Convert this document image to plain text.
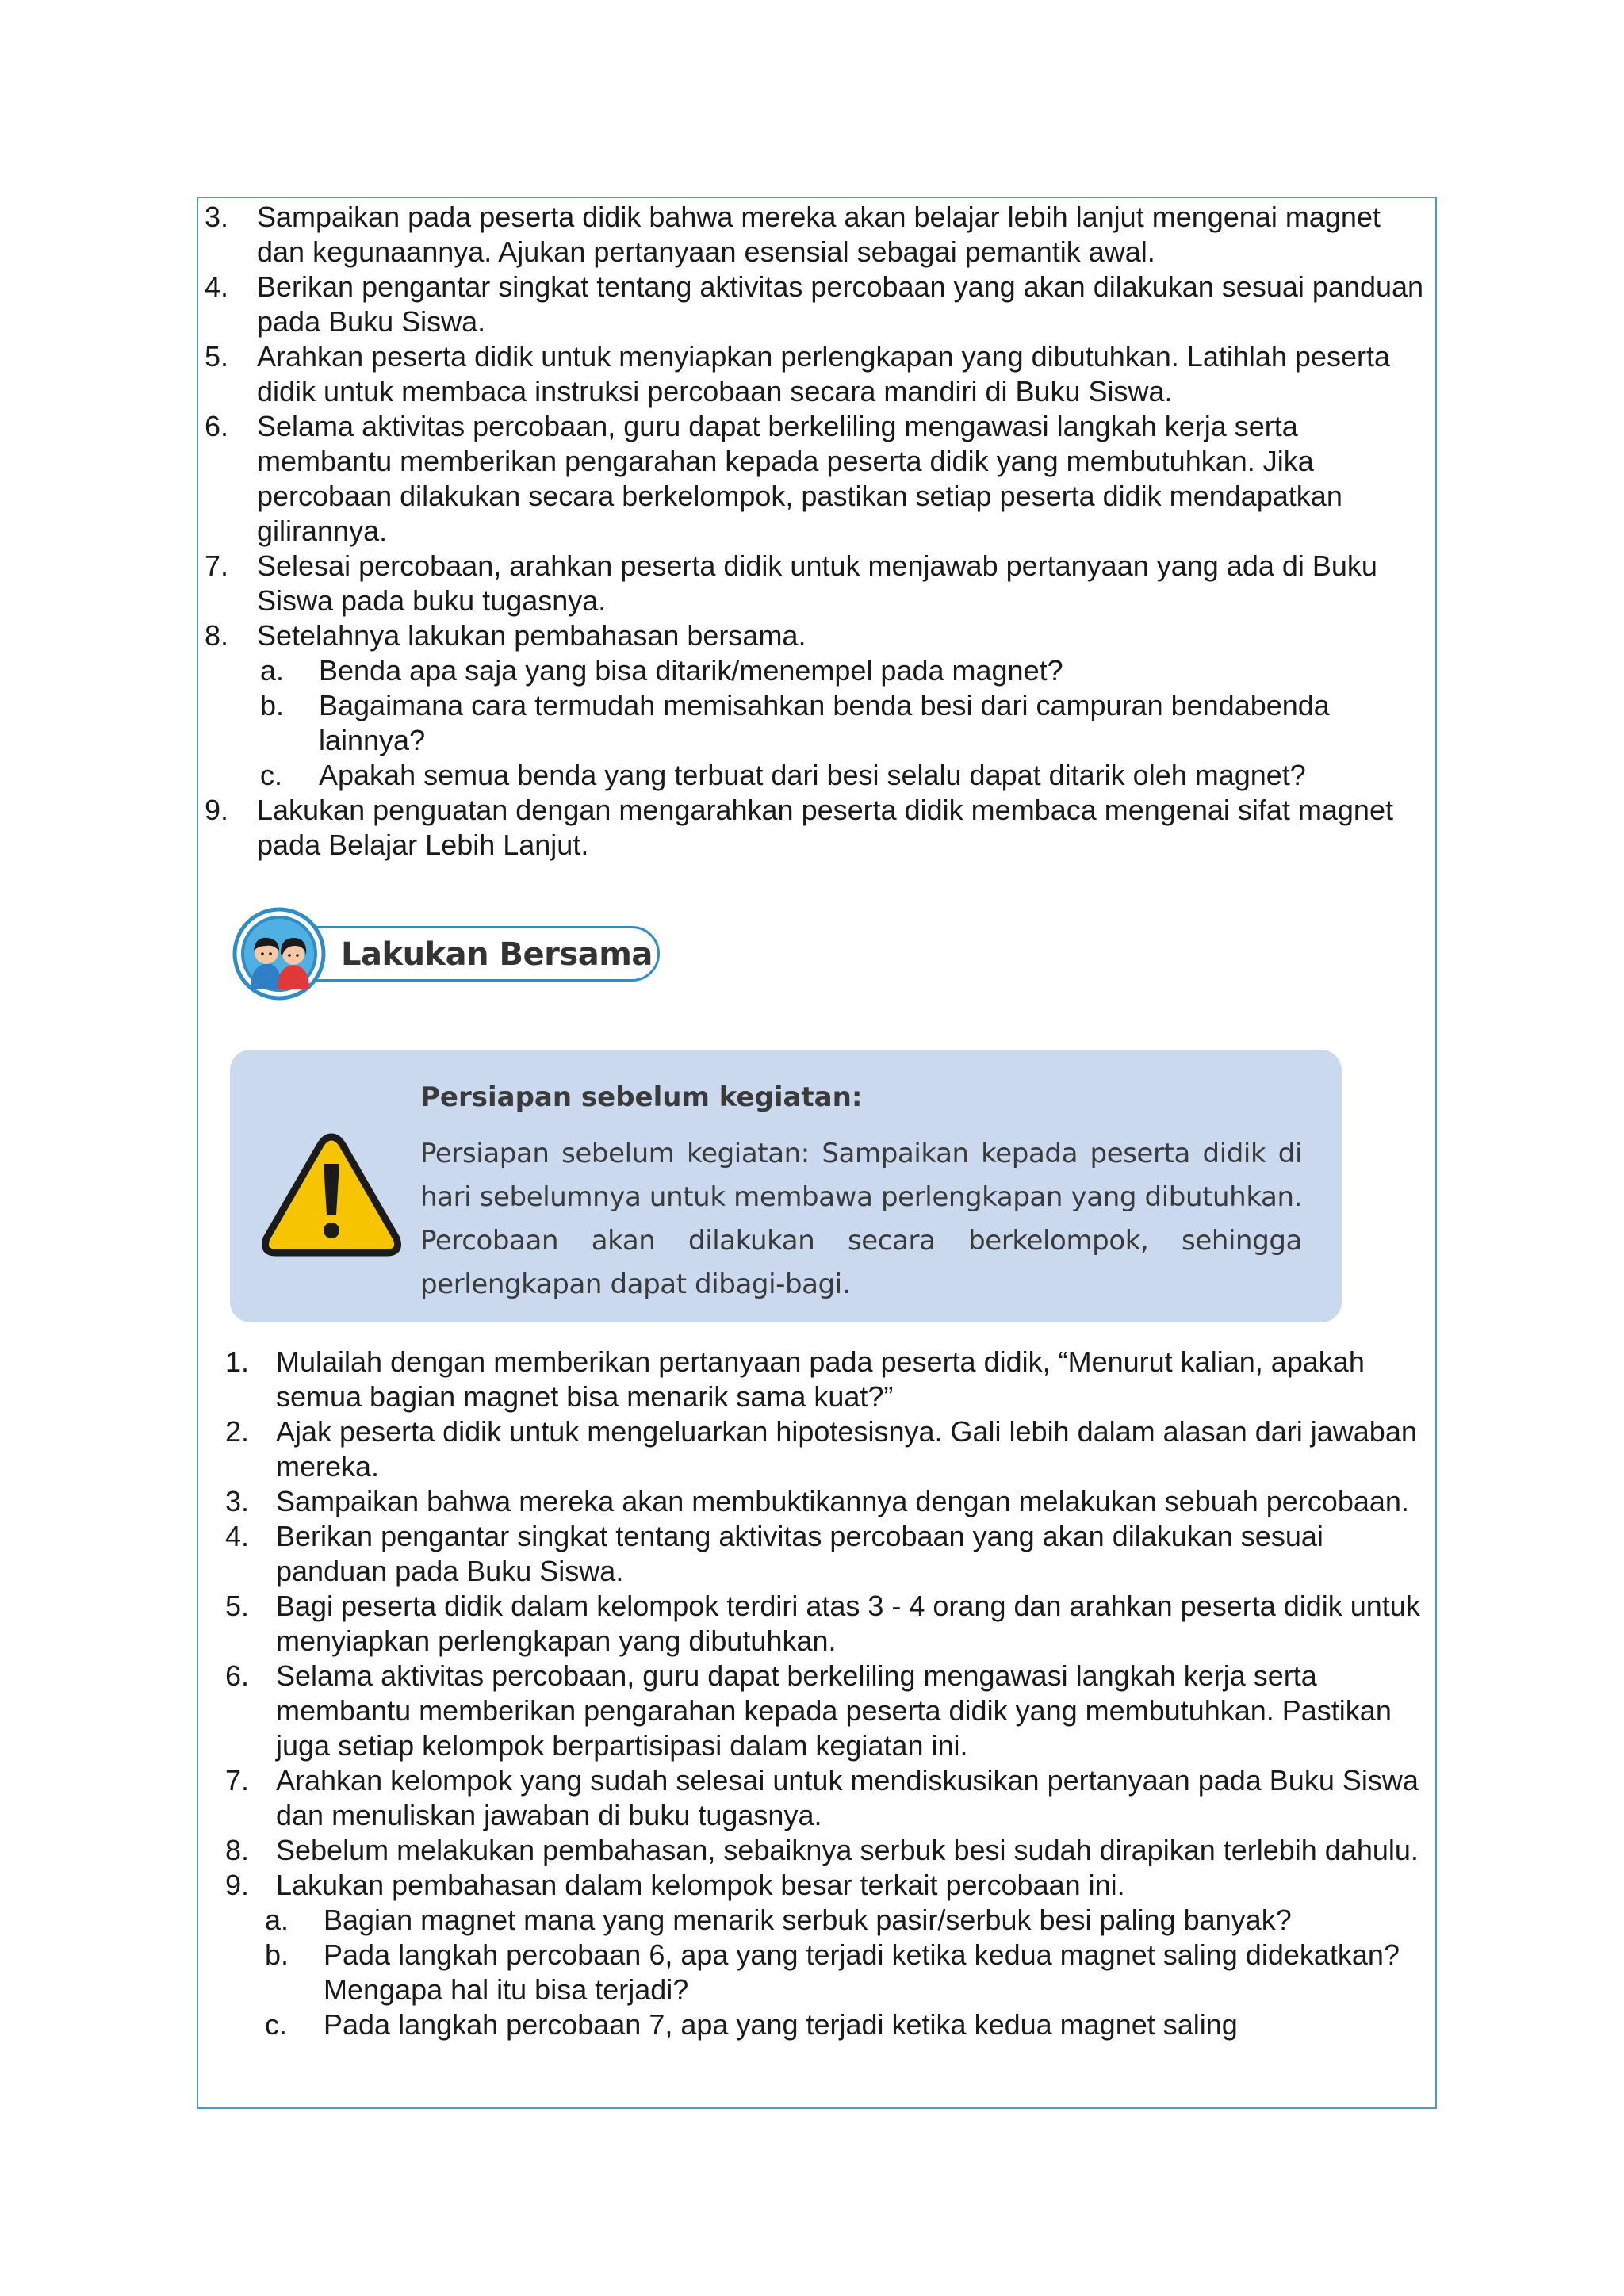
3. Sampaikan pada peserta didik bahwa mereka akan belajar lebih lanjut mengenai magnet dan kegunaannya. Ajukan pertanyaan esensial sebagai pemantik awal.
4. Berikan pengantar singkat tentang aktivitas percobaan yang akan dilakukan sesuai panduan pada Buku Siswa.
5. Arahkan peserta didik untuk menyiapkan perlengkapan yang dibutuhkan. Latihlah peserta didik untuk membaca instruksi percobaan secara mandiri di Buku Siswa.
6. Selama aktivitas percobaan, guru dapat berkeliling mengawasi langkah kerja serta membantu memberikan pengarahan kepada peserta didik yang membutuhkan. Jika percobaan dilakukan secara berkelompok, pastikan setiap peserta didik mendapatkan gilirannya.
7. Selesai percobaan, arahkan peserta didik untuk menjawab pertanyaan yang ada di Buku Siswa pada buku tugasnya.
8. Setelahnya lakukan pembahasan bersama.
a. Benda apa saja yang bisa ditarik/menempel pada magnet?
b. Bagaimana cara termudah memisahkan benda besi dari campuran bendabenda lainnya?
c. Apakah semua benda yang terbuat dari besi selalu dapat ditarik oleh magnet?
9. Lakukan penguatan dengan mengarahkan peserta didik membaca mengenai sifat magnet pada Belajar Lebih Lanjut.
Lakukan Bersama
Persiapan sebelum kegiatan:
Persiapan sebelum kegiatan: Sampaikan kepada peserta didik di hari sebelumnya untuk membawa perlengkapan yang dibutuhkan. Percobaan akan dilakukan secara berkelompok, sehingga perlengkapan dapat dibagi-bagi.
1. Mulailah dengan memberikan pertanyaan pada peserta didik, “Menurut kalian, apakah semua bagian magnet bisa menarik sama kuat?”
2. Ajak peserta didik untuk mengeluarkan hipotesisnya. Gali lebih dalam alasan dari jawaban mereka.
3. Sampaikan bahwa mereka akan membuktikannya dengan melakukan sebuah percobaan.
4. Berikan pengantar singkat tentang aktivitas percobaan yang akan dilakukan sesuai panduan pada Buku Siswa.
5. Bagi peserta didik dalam kelompok terdiri atas 3 - 4 orang dan arahkan peserta didik untuk menyiapkan perlengkapan yang dibutuhkan.
6. Selama aktivitas percobaan, guru dapat berkeliling mengawasi langkah kerja serta membantu memberikan pengarahan kepada peserta didik yang membutuhkan. Pastikan juga setiap kelompok berpartisipasi dalam kegiatan ini.
7. Arahkan kelompok yang sudah selesai untuk mendiskusikan pertanyaan pada Buku Siswa dan menuliskan jawaban di buku tugasnya.
8. Sebelum melakukan pembahasan, sebaiknya serbuk besi sudah dirapikan terlebih dahulu.
9. Lakukan pembahasan dalam kelompok besar terkait percobaan ini.
a. Bagian magnet mana yang menarik serbuk pasir/serbuk besi paling banyak?
b. Pada langkah percobaan 6, apa yang terjadi ketika kedua magnet saling didekatkan? Mengapa hal itu bisa terjadi?
c. Pada langkah percobaan 7, apa yang terjadi ketika kedua magnet saling
